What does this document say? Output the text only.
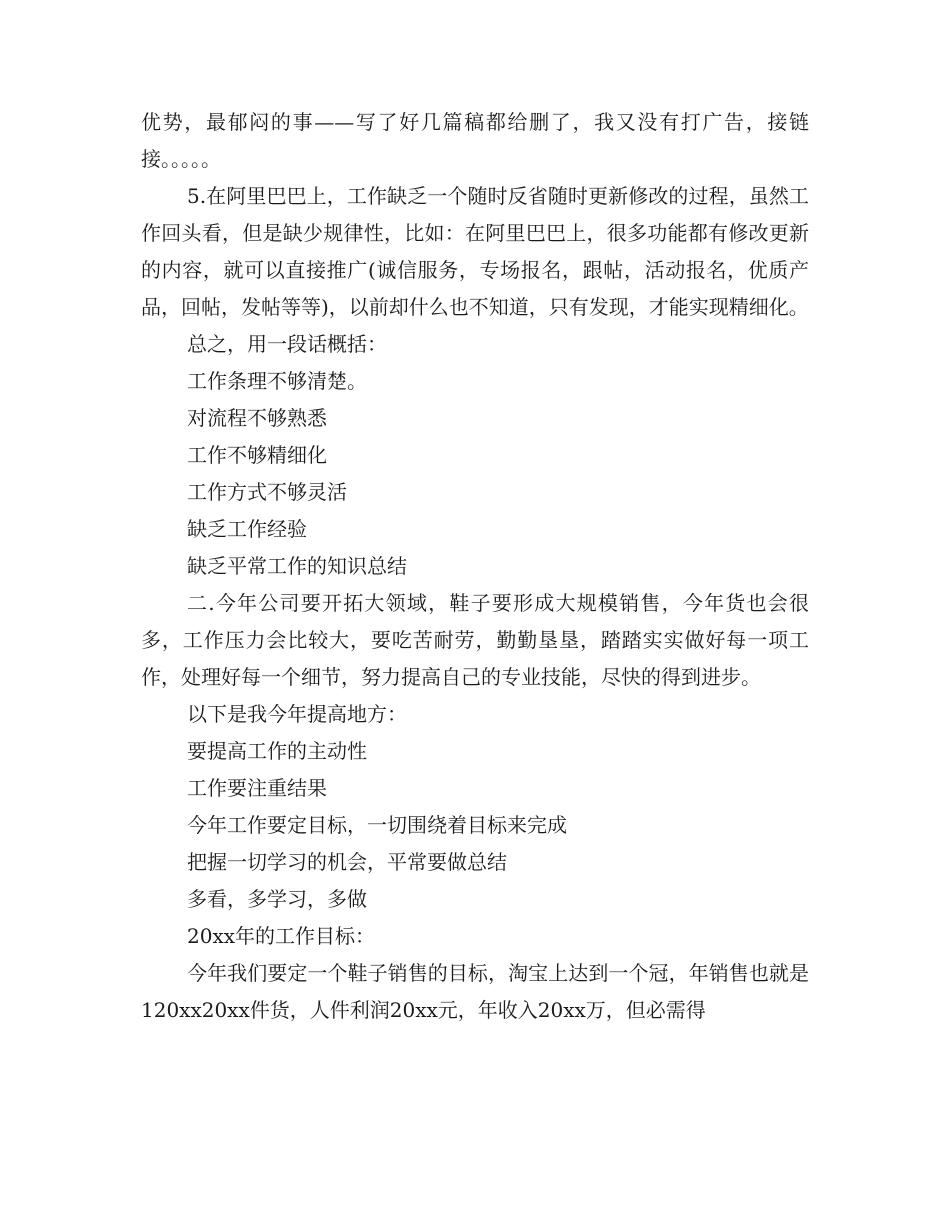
优势，最郁闷的事——写了好几篇稿都给删了，我又没有打广告，接链接。。。。。

5.在阿里巴巴上，工作缺乏一个随时反省随时更新修改的过程，虽然工作回头看，但是缺少规律性，比如：在阿里巴巴上，很多功能都有修改更新的内容，就可以直接推广(诚信服务，专场报名，跟帖，活动报名，优质产品，回帖，发帖等等)，以前却什么也不知道，只有发现，才能实现精细化。

总之，用一段话概括：

工作条理不够清楚。

对流程不够熟悉

工作不够精细化

工作方式不够灵活

缺乏工作经验

缺乏平常工作的知识总结

二.今年公司要开拓大领域，鞋子要形成大规模销售，今年货也会很多，工作压力会比较大，要吃苦耐劳，勤勤垦垦，踏踏实实做好每一项工作，处理好每一个细节，努力提高自己的专业技能，尽快的得到进步。

以下是我今年提高地方：

要提高工作的主动性

工作要注重结果

今年工作要定目标，一切围绕着目标来完成

把握一切学习的机会，平常要做总结

多看，多学习，多做

20xx年的工作目标：

今年我们要定一个鞋子销售的目标，淘宝上达到一个冠，年销售也就是120xx20xx件货，人件利润20xx元，年收入20xx万，但必需得
